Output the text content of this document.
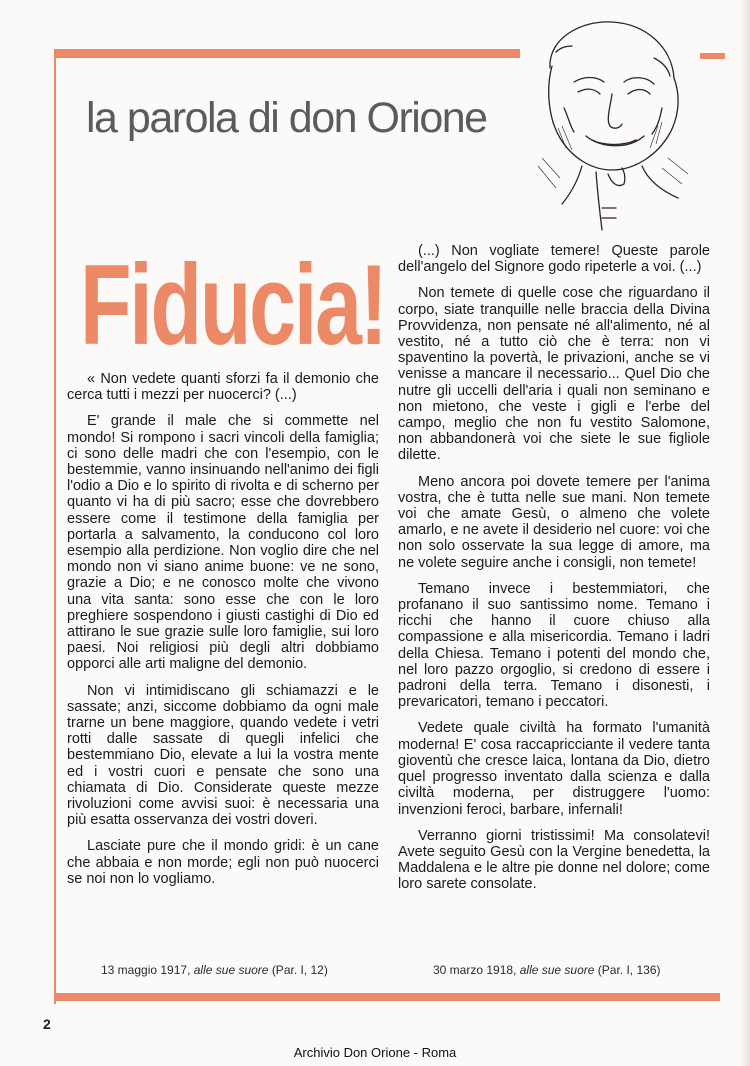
la parola di don Orione
Fiducia!

« Non vedete quanti sforzi fa il demonio che cerca tutti i mezzi per nuocerci? (...)

E' grande il male che si commette nel mondo! Si rompono i sacri vincoli della famiglia; ci sono delle madri che con l'esempio, con le bestemmie, vanno insinuando nell'animo dei figli l'odio a Dio e lo spirito di rivolta e di scherno per quanto vi ha di più sacro; esse che dovrebbero essere come il testimone della famiglia per portarla a salvamento, la conducono col loro esempio alla perdizione. Non voglio dire che nel mondo non vi siano anime buone: ve ne sono, grazie a Dio; e ne conosco molte che vivono una vita santa: sono esse che con le loro preghiere sospendono i giusti castighi di Dio ed attirano le sue grazie sulle loro famiglie, sui loro paesi. Noi religiosi più degli altri dobbiamo opporci alle arti maligne del demonio.

Non vi intimidiscano gli schiamazzi e le sassate; anzi, siccome dobbiamo da ogni male trarne un bene maggiore, quando vedete i vetri rotti dalle sassate di quegli infelici che bestemmiano Dio, elevate a lui la vostra mente ed i vostri cuori e pensate che sono una chiamata di Dio. Considerate queste mezze rivoluzioni come avvisi suoi: è necessaria una più esatta osservanza dei vostri doveri.

Lasciate pure che il mondo gridi: è un cane che abbaia e non morde; egli non può nuocerci se noi non lo vogliamo.

(...) Non vogliate temere! Queste parole dell'angelo del Signore godo ripeterle a voi. (...)

Non temete di quelle cose che riguardano il corpo, siate tranquille nelle braccia della Divina Provvidenza, non pensate né all'alimento, né al vestito, né a tutto ciò che è terra: non vi spaventino la povertà, le privazioni, anche se vi venisse a mancare il necessario... Quel Dio che nutre gli uccelli dell'aria i quali non seminano e non mietono, che veste i gigli e l'erbe del campo, meglio che non fu vestito Salomone, non abbandonerà voi che siete le sue figliole dilette.

Meno ancora poi dovete temere per l'anima vostra, che è tutta nelle sue mani. Non temete voi che amate Gesù, o almeno che volete amarlo, e ne avete il desiderio nel cuore: voi che non solo osservate la sua legge di amore, ma ne volete seguire anche i consigli, non temete!

Temano invece i bestemmiatori, che profanano il suo santissimo nome. Temano i ricchi che hanno il cuore chiuso alla compassione e alla misericordia. Temano i ladri della Chiesa. Temano i potenti del mondo che, nel loro pazzo orgoglio, si credono di essere i padroni della terra. Temano i disonesti, i prevaricatori, temano i peccatori.

Vedete quale civiltà ha formato l'umanità moderna! E' cosa raccapricciante il vedere tanta gioventù che cresce laica, lontana da Dio, dietro quel progresso inventato dalla scienza e dalla civiltà moderna, per distruggere l'uomo: invenzioni feroci, barbare, infernali!

Verranno giorni tristissimi! Ma consolatevi! Avete seguito Gesù con la Vergine benedetta, la Maddalena e le altre pie donne nel dolore; come loro sarete consolate.

13 maggio 1917, alle sue suore (Par. I, 12)	30 marzo 1918, alle sue suore (Par. I, 136)
2
Archivio Don Orione - Roma
